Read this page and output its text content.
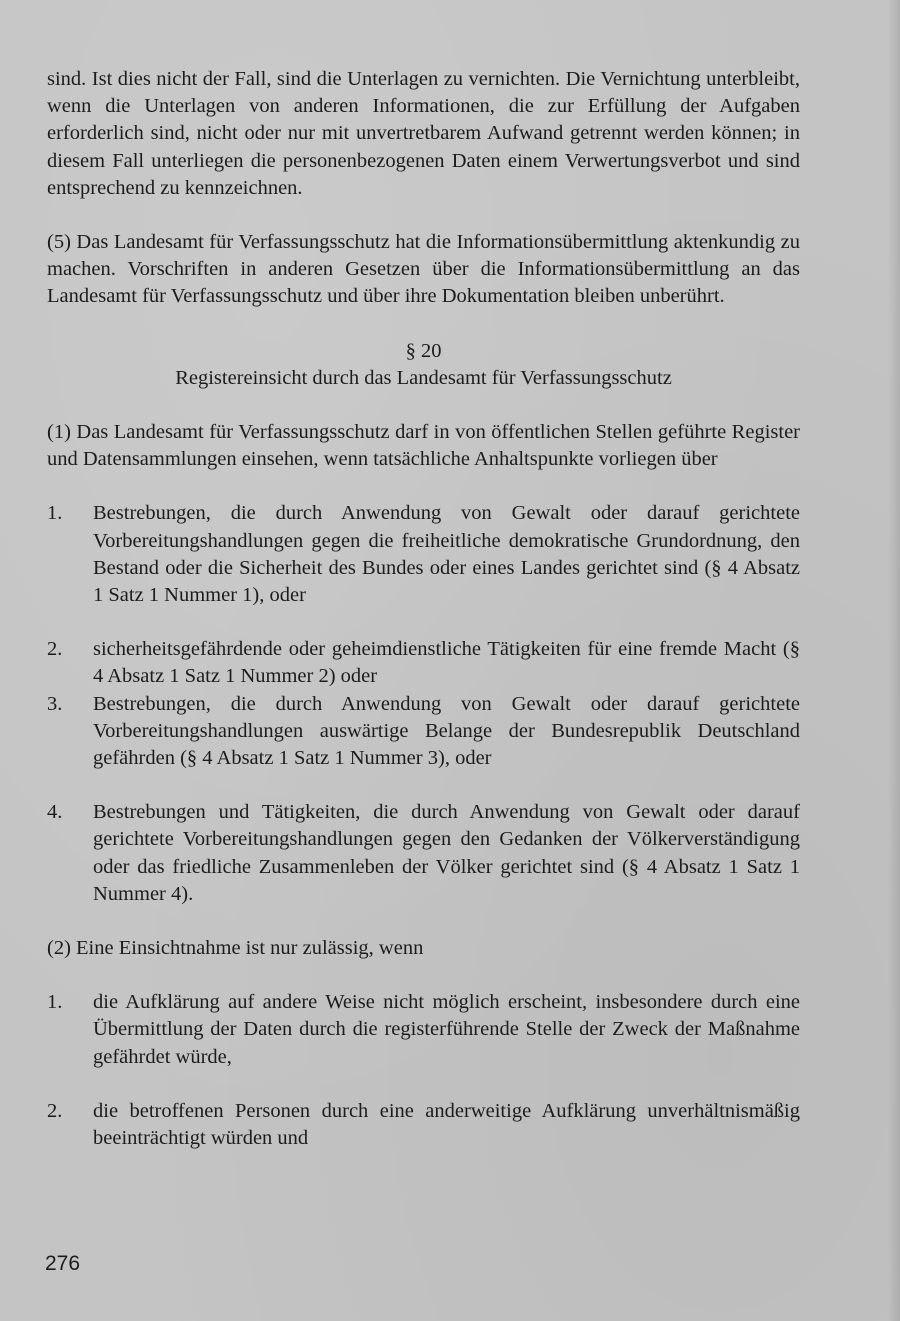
sind. Ist dies nicht der Fall, sind die Unterlagen zu vernichten. Die Vernichtung unterbleibt, wenn die Unterlagen von anderen Informationen, die zur Erfüllung der Aufgaben erforderlich sind, nicht oder nur mit unvertretbarem Aufwand getrennt werden können; in diesem Fall unterliegen die personenbezogenen Daten einem Verwertungsverbot und sind entsprechend zu kennzeichnen.

(5) Das Landesamt für Verfassungsschutz hat die Informationsübermittlung aktenkundig zu machen. Vorschriften in anderen Gesetzen über die Informationsübermittlung an das Landesamt für Verfassungsschutz und über ihre Dokumentation bleiben unberührt.

§ 20

Registereinsicht durch das Landesamt für Verfassungsschutz

(1) Das Landesamt für Verfassungsschutz darf in von öffentlichen Stellen geführte Register und Datensammlungen einsehen, wenn tatsächliche Anhaltspunkte vorliegen über

1.	Bestrebungen, die durch Anwendung von Gewalt oder darauf gerichtete Vorbereitungshandlungen gegen die freiheitliche demokratische Grundordnung, den Bestand oder die Sicherheit des Bundes oder eines Landes gerichtet sind (§ 4 Absatz 1 Satz 1 Nummer 1), oder
2.	sicherheitsgefährdende oder geheimdienstliche Tätigkeiten für eine fremde Macht (§ 4 Absatz 1 Satz 1 Nummer 2) oder
3.	Bestrebungen, die durch Anwendung von Gewalt oder darauf gerichtete Vorbereitungshandlungen auswärtige Belange der Bundesrepublik Deutschland gefährden (§ 4 Absatz 1 Satz 1 Nummer 3), oder
4.	Bestrebungen und Tätigkeiten, die durch Anwendung von Gewalt oder darauf gerichtete Vorbereitungshandlungen gegen den Gedanken der Völkerverständigung oder das friedliche Zusammenleben der Völker gerichtet sind (§ 4 Absatz 1 Satz 1 Nummer 4).

(2) Eine Einsichtnahme ist nur zulässig, wenn

1.	die Aufklärung auf andere Weise nicht möglich erscheint, insbesondere durch eine Übermittlung der Daten durch die registerführende Stelle der Zweck der Maßnahme gefährdet würde,
2.	die betroffenen Personen durch eine anderweitige Aufklärung unverhältnismäßig beeinträchtigt würden und
276
